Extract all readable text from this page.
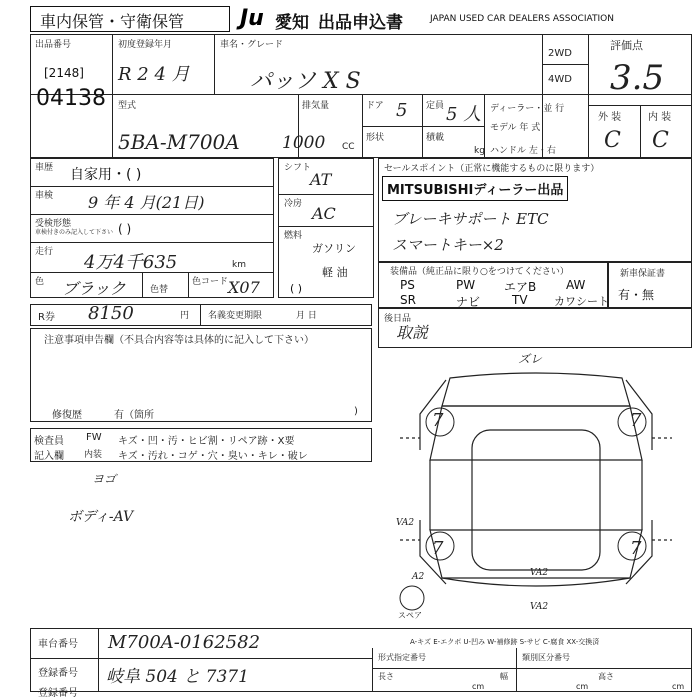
車内保管・守衛保管	Ju 愛知 出品申込書	JAPAN USED CAR DEALERS ASSOCIATION
出品番号
[2148]
04138
初度登録年月
R 2 4 月
車名・グレード
パッソ X S
2WD
4WD
評価点
3.5
型式
5BA-M700A
排気量
1000 CC
ドア 5 定員 5 人
形状	積載
kg
ディーラー・並 行
モデル 年 式
ハンドル 左・右
外 装	内 装
C C
車歴 自家用・( )
車検 9 年 4 月(21日)
受検形態
車検付きのみ記入して下さい ( )
走行 4万4千635	km
色 ブラック	色替
色コード X07
R券 8150	円 名義変更期限	月 日
シフト
AT
冷房 AC
燃料
ガソリン
軽 油
( )
セールスポイント（正常に機能するものに限ります）
MITSUBISHIディーラー出品
ブレーキサポート ETC
スマートキー×2
装備品（純正品に限り○をつけてください）
PS	PW エアB AW
SR	ナビ	TV カワシート
新車保証書
有・無
後日品
取説
注意事項申告欄（不具合内容等は具体的に記入して下さい）
修復歴	有（箇所	)
検査員
記入欄
FW
内装
キズ・凹・汚・ヒビ割・リペア跡・X要
キズ・汚れ・コゲ・穴・臭い・キレ・破レ
ヨゴ
ボディ-AV
ズレ
7	7
7	7
VA2
A2	VA2
VA2
スペア
A-キズ E-エクボ U-凹み W-補修跡 S-サビ C-腐食 XX-交換済
車台番号 M700A-0162582
登録番号 岐阜 504 と 7371
登録番号
形式指定番号	類別区分番号
長さ
cm
幅
cm
高さ
cm
